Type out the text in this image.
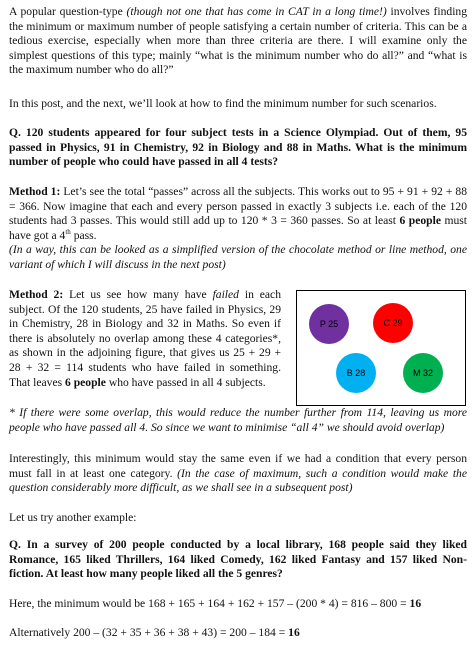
A popular question-type (though not one that has come in CAT in a long time!) involves finding the minimum or maximum number of people satisfying a certain number of criteria. This can be a tedious exercise, especially when more than three criteria are there. I will examine only the simplest questions of this type; mainly “what is the minimum number who do all?” and “what is the maximum number who do all?”

In this post, and the next, we’ll look at how to find the minimum number for such scenarios.

Q. 120 students appeared for four subject tests in a Science Olympiad. Out of them, 95 passed in Physics, 91 in Chemistry, 92 in Biology and 88 in Maths. What is the minimum number of people who could have passed in all 4 tests?

Method 1: Let’s see the total “passes” across all the subjects. This works out to 95 + 91 + 92 + 88 = 366. Now imagine that each and every person passed in exactly 3 subjects i.e. each of the 120 students had 3 passes. This would still add up to 120 * 3 = 360 passes. So at least 6 people must have got a 4th pass.

(In a way, this can be looked as a simplified version of the chocolate method or line method, one variant of which I will discuss in the next post)

Method 2: Let us see how many have failed in each subject. Of the 120 students, 25 have failed in Physics, 29 in Chemistry, 28 in Biology and 32 in Maths. So even if there is absolutely no overlap among these 4 categories*, as shown in the adjoining figure, that gives us 25 + 29 + 28 + 32 = 114 students who have failed in something. That leaves 6 people who have passed in all 4 subjects.

P 25	C 29
B 28	M 32

* If there were some overlap, this would reduce the number further from 114, leaving us more people who have passed all 4. So since we want to minimise “all 4” we should avoid overlap)

Interestingly, this minimum would stay the same even if we had a condition that every person must fall in at least one category. (In the case of maximum, such a condition would make the question considerably more difficult, as we shall see in a subsequent post)

Let us try another example:

Q. In a survey of 200 people conducted by a local library, 168 people said they liked Romance, 165 liked Thrillers, 164 liked Comedy, 162 liked Fantasy and 157 liked Non-fiction. At least how many people liked all the 5 genres?

Here, the minimum would be 168 + 165 + 164 + 162 + 157 – (200 * 4) = 816 – 800 = 16

Alternatively 200 – (32 + 35 + 36 + 38 + 43) = 200 – 184 = 16
